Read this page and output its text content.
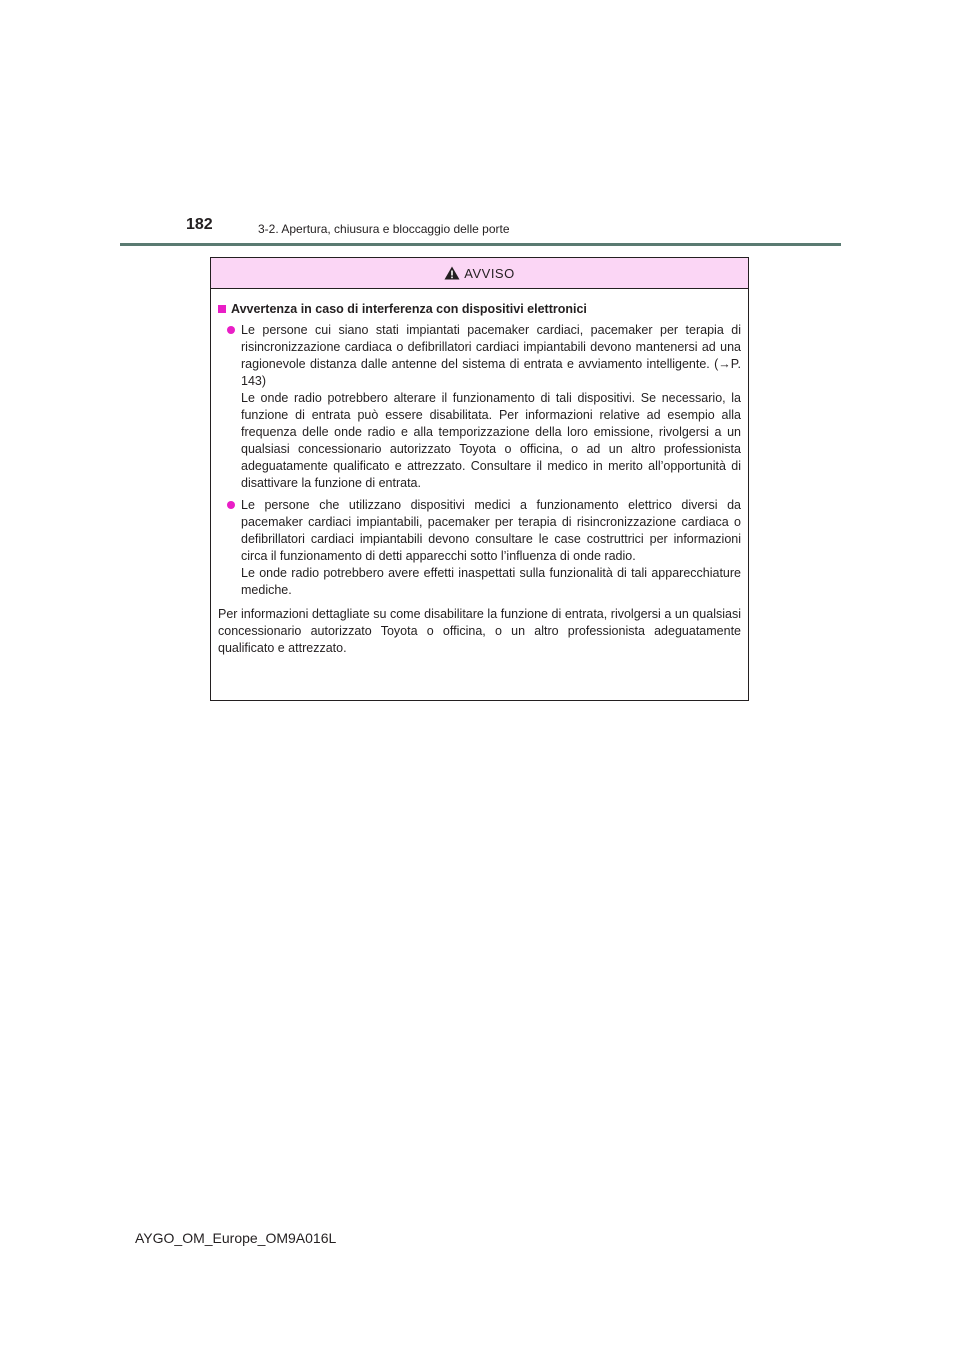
182	3-2. Apertura, chiusura e bloccaggio delle porte
AVVISO
Avvertenza in caso di interferenza con dispositivi elettronici

Le persone cui siano stati impiantati pacemaker cardiaci, pacemaker per terapia di risincronizzazione cardiaca o defibrillatori cardiaci impiantabili devono mantenersi ad una ragionevole distanza dalle antenne del sistema di entrata e avviamento intelligente. (→P. 143)

Le onde radio potrebbero alterare il funzionamento di tali dispositivi. Se necessario, la funzione di entrata può essere disabilitata. Per informazioni relative ad esempio alla frequenza delle onde radio e alla temporizzazione della loro emissione, rivolgersi a un qualsiasi concessionario autorizzato Toyota o officina, o ad un altro professionista adeguatamente qualificato e attrezzato. Consultare il medico in merito all’opportunità di disattivare la funzione di entrata.

Le persone che utilizzano dispositivi medici a funzionamento elettrico diversi da pacemaker cardiaci impiantabili, pacemaker per terapia di risincronizzazione cardiaca o defibrillatori cardiaci impiantabili devono consultare le case costruttrici per informazioni circa il funzionamento di detti apparecchi sotto l’influenza di onde radio.

Le onde radio potrebbero avere effetti inaspettati sulla funzionalità di tali apparecchiature mediche.

Per informazioni dettagliate su come disabilitare la funzione di entrata, rivolgersi a un qualsiasi concessionario autorizzato Toyota o officina, o un altro professionista adeguatamente qualificato e attrezzato.

AYGO_OM_Europe_OM9A016L
